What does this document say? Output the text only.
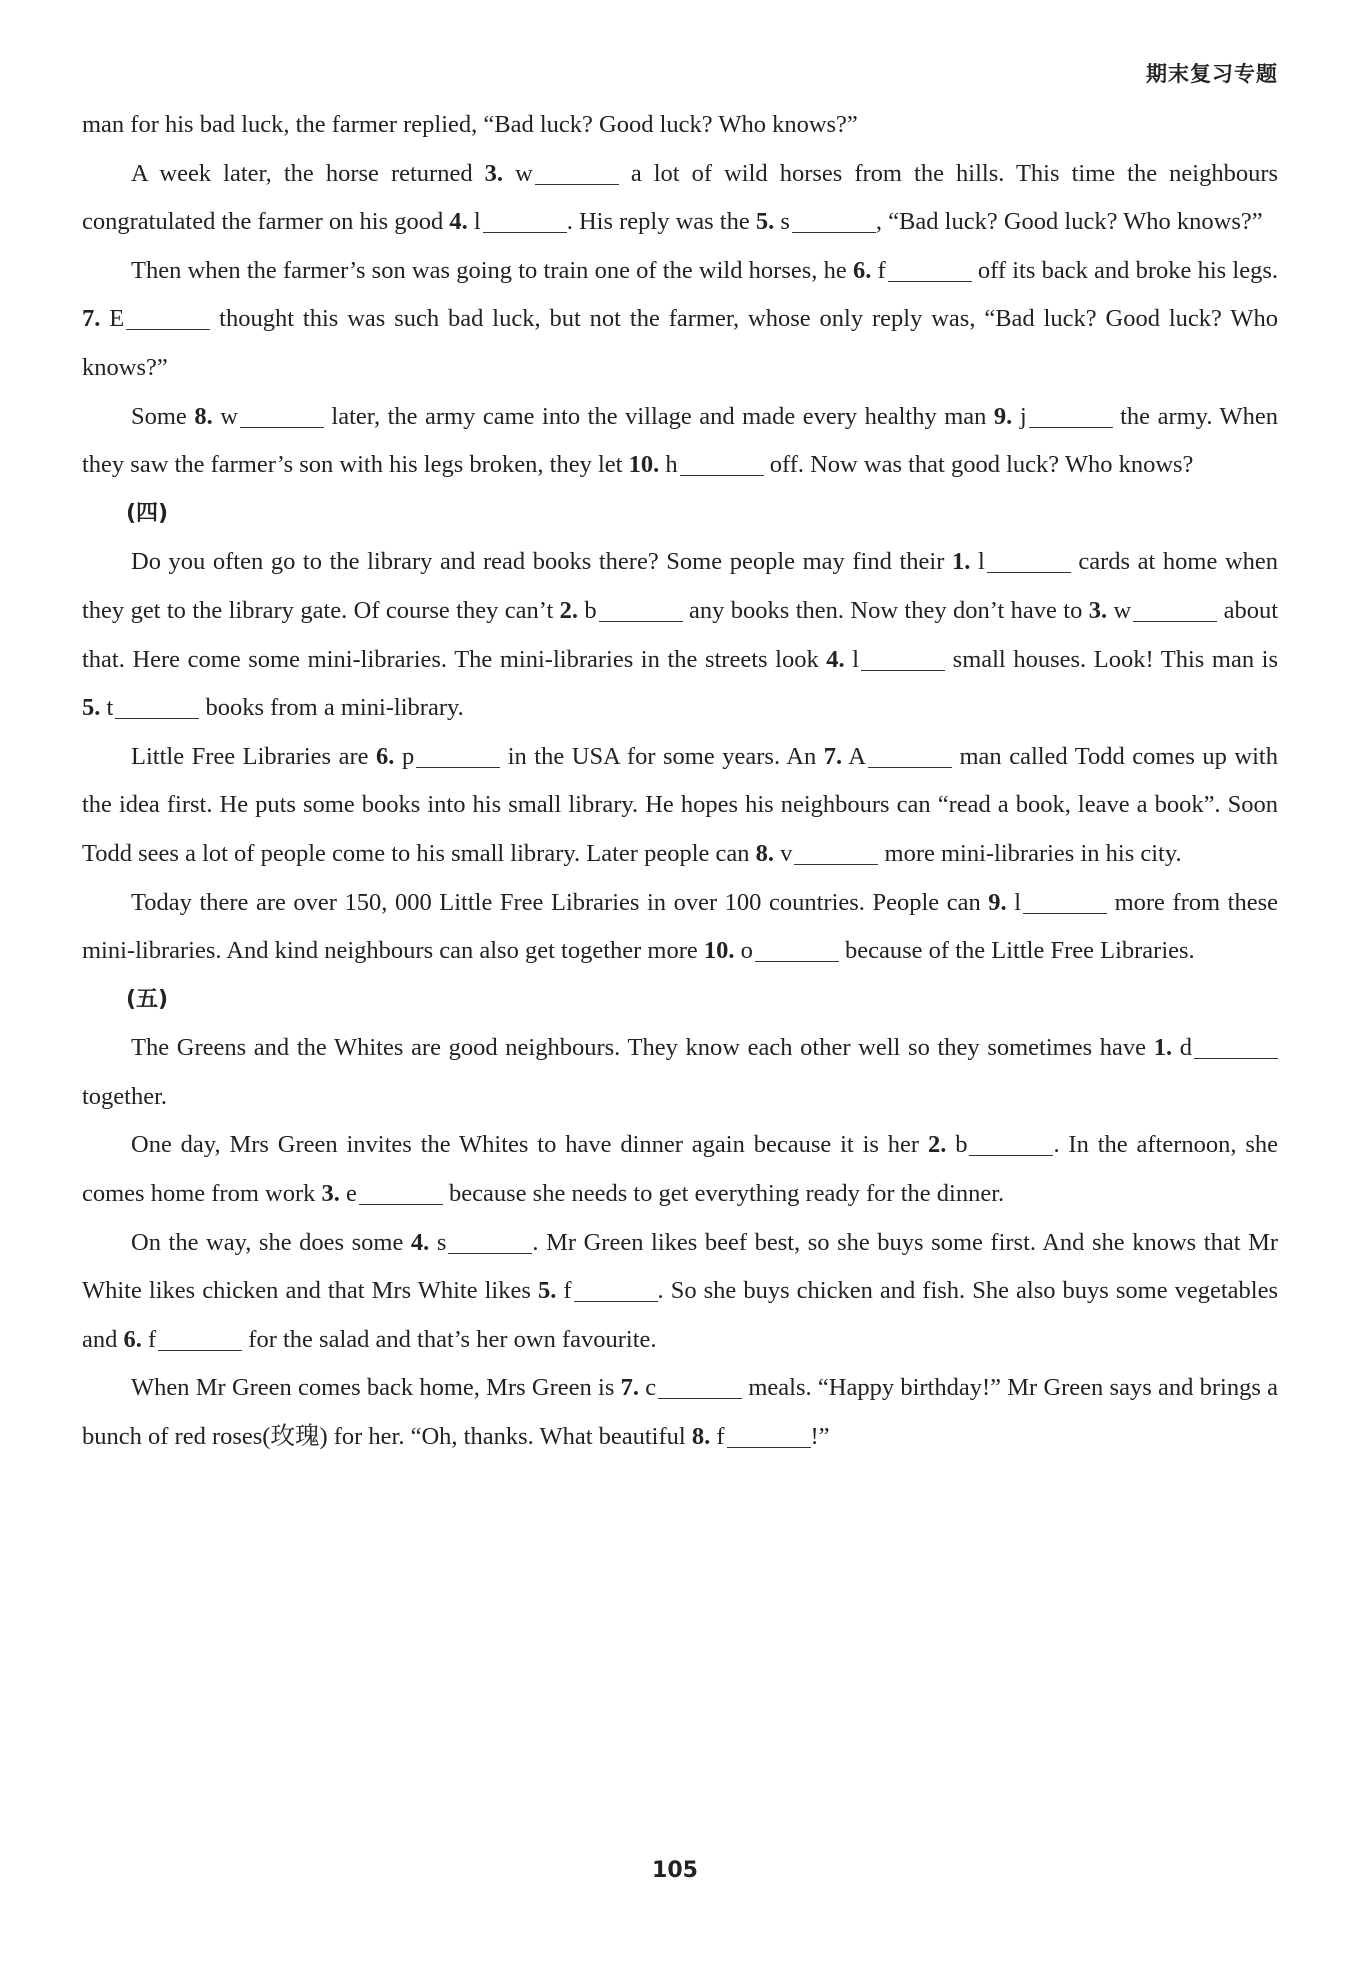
期末复习专题

man for his bad luck, the farmer replied, “Bad luck? Good luck? Who knows?”

A week later, the horse returned 3. w	a lot of wild horses from the hills. This time the neighbours congratulated the farmer on his good 4. l	. His reply was the 5. s	, “Bad luck? Good luck? Who knows?”

Then when the farmer’s son was going to train one of the wild horses, he 6. f	off its back and broke his legs. 7. E	thought this was such bad luck, but not the farmer, whose only reply was, “Bad luck? Good luck? Who knows?”

Some 8. w	later, the army came into the village and made every healthy man 9. j	the army. When they saw the farmer’s son with his legs broken, they let 10. h	off. Now was that good luck? Who knows?

(四)

Do you often go to the library and read books there? Some people may find their 1. l	cards at home when they get to the library gate. Of course they can’t 2. b	any books then. Now they don’t have to 3. w	about that. Here come some mini-libraries. The mini-libraries in the streets look 4. l	small houses. Look! This man is 5. t	books from a mini-library.

Little Free Libraries are 6. p	in the USA for some years. An 7. A	man called Todd comes up with the idea first. He puts some books into his small library. He hopes his neighbours can “read a book, leave a book”. Soon Todd sees a lot of people come to his small library. Later people can 8. v	more mini-libraries in his city.

Today there are over 150, 000 Little Free Libraries in over 100 countries. People can 9. l	more from these mini-libraries. And kind neighbours can also get together more 10. o	because of the Little Free Libraries.

(五)

The Greens and the Whites are good neighbours. They know each other well so they sometimes have 1. d together.

One day, Mrs Green invites the Whites to have dinner again because it is her 2. b	. In the afternoon, she comes home from work 3. e	because she needs to get everything ready for the dinner.

On the way, she does some 4. s	. Mr Green likes beef best, so she buys some first. And she knows that Mr White likes chicken and that Mrs White likes 5. f	. So she buys chicken and fish. She also buys some vegetables and 6. f	for the salad and that’s her own favourite.

When Mr Green comes back home, Mrs Green is 7. c	meals. “Happy birthday!” Mr Green says and brings a bunch of red roses(玫瑰) for her. “Oh, thanks. What beautiful 8. f	!”

105
